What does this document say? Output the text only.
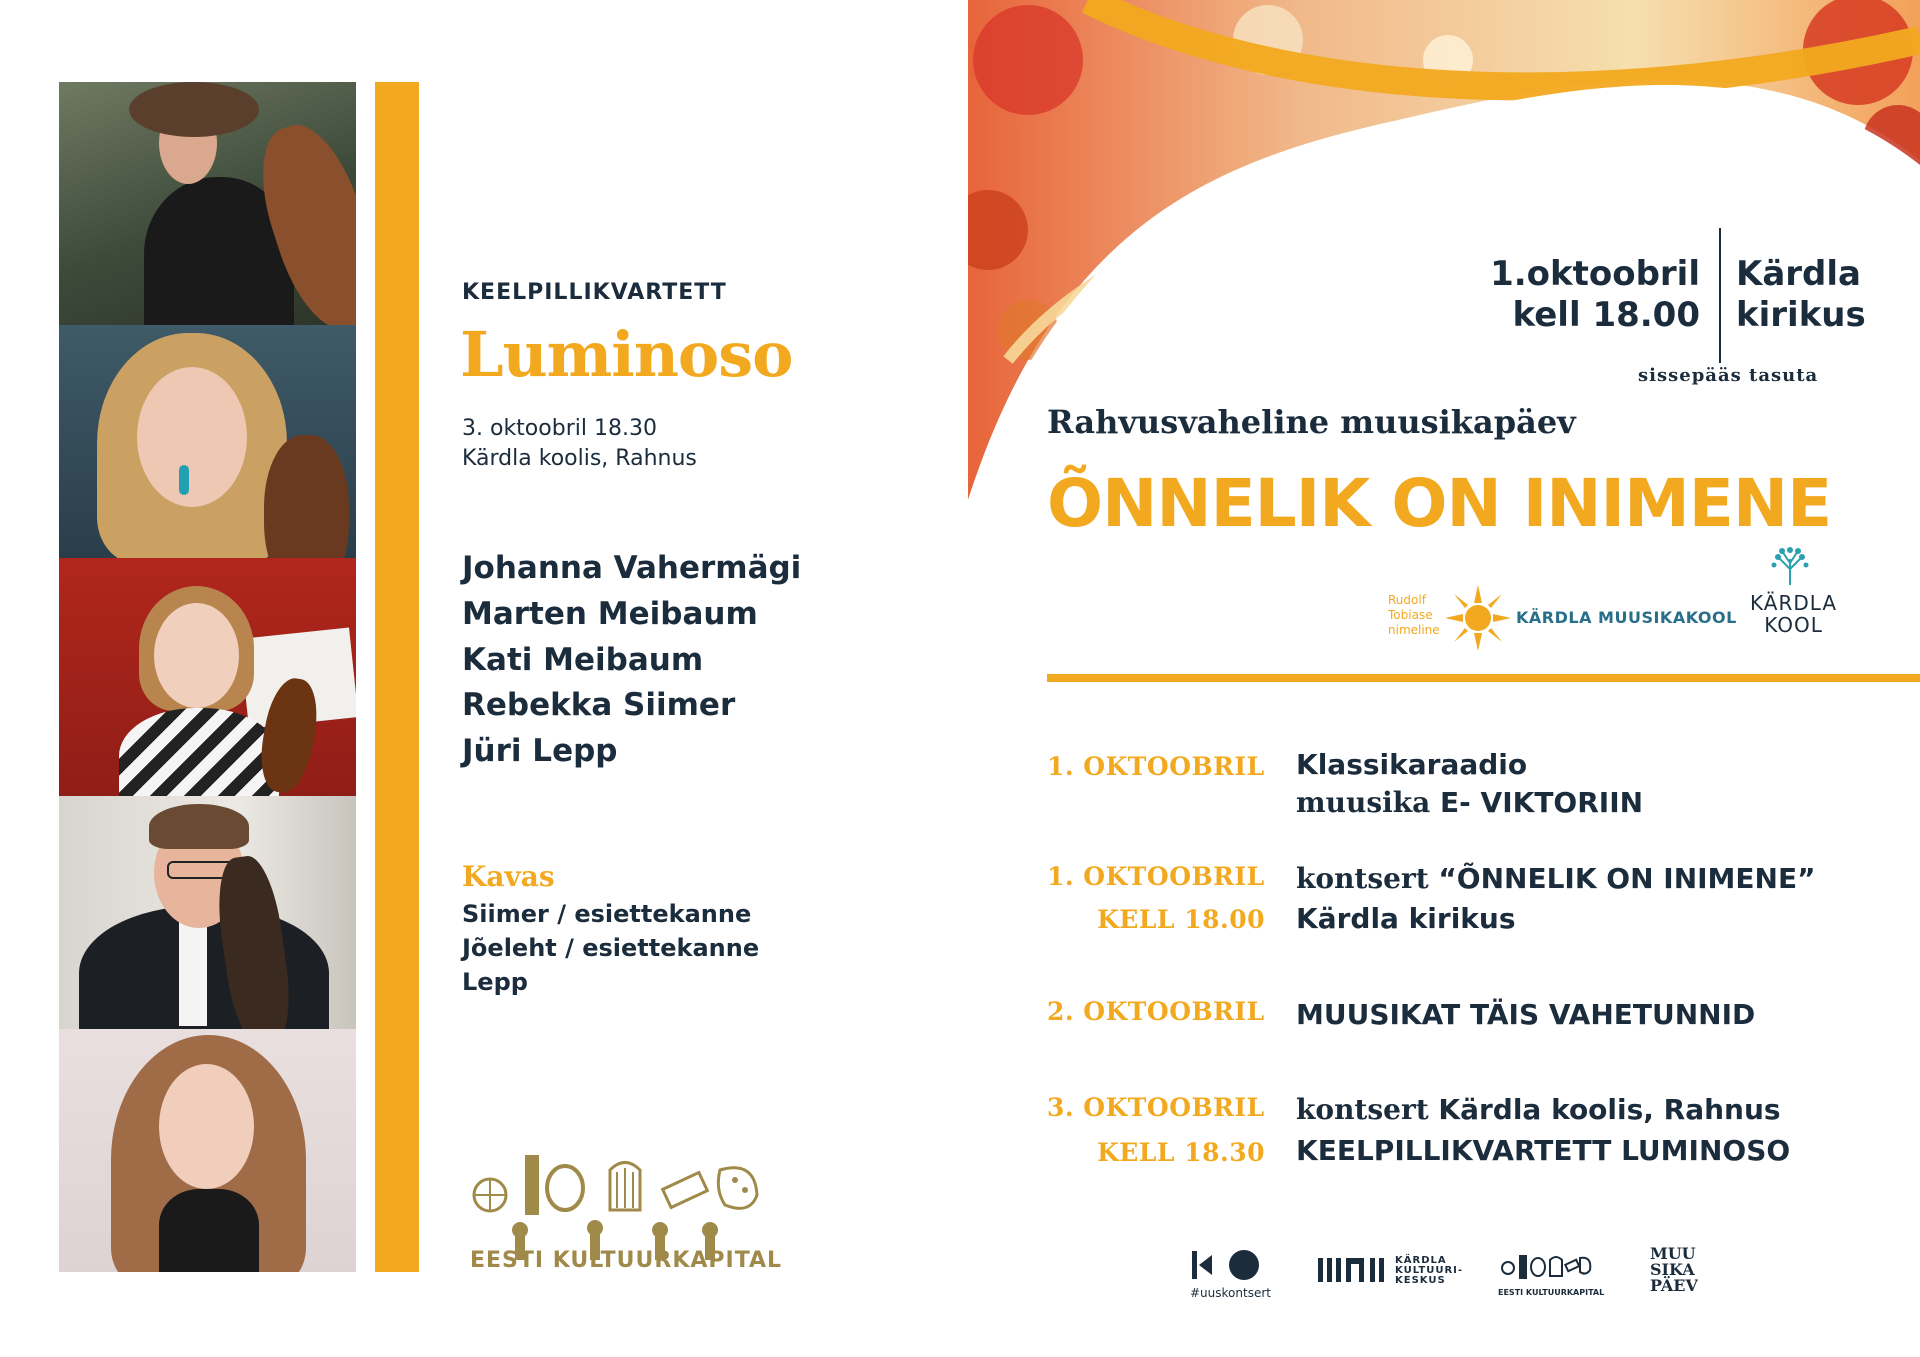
KEELPILLIKVARTETT
Luminoso
3. oktoobril 18.30
Kärdla koolis, Rahnus
Johanna Vahermägi
Marten Meibaum
Kati Meibaum
Rebekka Siimer
Jüri Lepp
Kavas
Siimer / esiettekanne
Jõeleht / esiettekanne
Lepp
EESTI KULTUURKAPITAL
1.oktoobril
kell 18.00
Kärdla
kirikus
sissepääs tasuta
Rahvusvaheline muusikapäev
ÕNNELIK ON INIMENE
Rudolf
Tobiase
nimeline
KÄRDLA MUUSIKAKOOL
KÄRDLA
KOOL
1. OKTOOBRIL Klassikaraadio
muusika E- VIKTORIIN
1. OKTOOBRIL
KELL 18.00
kontsert “ÕNNELIK ON INIMENE”
Kärdla kirikus
2. OKTOOBRIL MUUSIKAT TÄIS VAHETUNNID
3. OKTOOBRIL
KELL 18.30
kontsert Kärdla koolis, Rahnus
KEELPILLIKVARTETT LUMINOSO
#uuskontsert
KÄRDLA
KULTUURI-
KESKUS
EESTI KULTUURKAPITAL
MUU
SIKA
PÄEV
